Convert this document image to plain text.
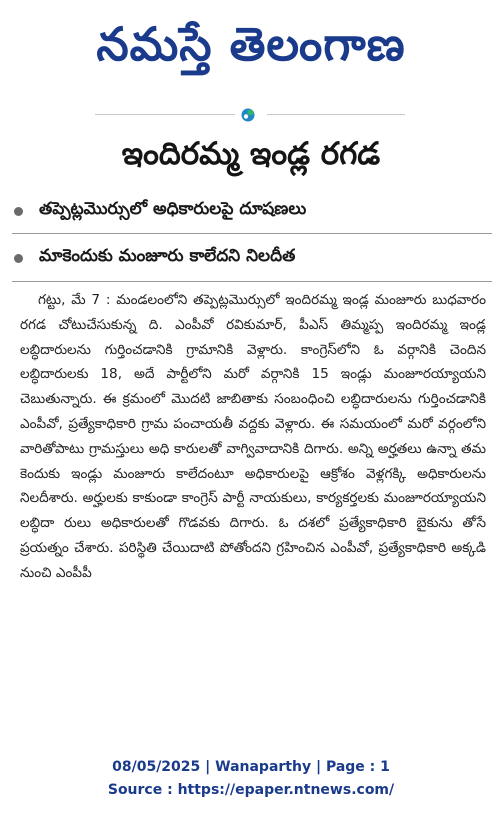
నమస్తే తెలంగాణ
ఇందిరమ్మ ఇండ్ల రగడ
తప్పెట్లమొర్సులో అధికారులపై దూషణలు
మాకెందుకు మంజూరు కాలేదని నిలదీత

గట్టు, మే 7 : మండలంలోని తప్పెట్లమొర్సులో ఇందిరమ్మ ఇండ్ల మంజూరు బుధవారం రగడ చోటుచేసుకున్న ది. ఎంపీవో రవికుమార్, పీఎస్ తిమ్మప్ప ఇందిరమ్మ ఇండ్ల లబ్ధిదారులను గుర్తించడానికి గ్రామానికి వెళ్లారు. కాంగ్రెస్‌లోని ఓ వర్గానికి చెందిన లబ్ధిదారులకు 18, అదే పార్టీలోని మరో వర్గానికి 15 ఇండ్లు మంజూరయ్యాయని చెబుతున్నారు. ఈ క్రమంలో మొదటి జాబితాకు సంబంధించి లబ్ధిదారులను గుర్తించడానికి ఎంపీవో, ప్రత్యేకాధికారి గ్రామ పంచాయతీ వద్దకు వెళ్లారు. ఈ సమయంలో మరో వర్గంలోని వారితోపాటు గ్రామస్తులు అధి కారులతో వాగ్వివాదానికి దిగారు. అన్ని అర్హతలు ఉన్నా తమ కెందుకు ఇండ్లు మంజూరు కాలేదంటూ అధికారులపై ఆక్రోశం వెళ్లగక్కి అధికారులను నిలదీశారు. అర్హులకు కాకుండా కాంగ్రెస్ పార్టీ నాయకులు, కార్యకర్తలకు మంజూరయ్యాయని లబ్ధిదా రులు అధికారులతో గొడవకు దిగారు. ఓ దశలో ప్రత్యేకాధికారి బైకును తోసే ప్రయత్నం చేశారు. పరిస్థితి చేయిదాటి పోతోందని గ్రహించిన ఎంపీవో, ప్రత్యేకాధికారి అక్కడి నుంచి ఎంపీపీ

08/05/2025 | Wanaparthy | Page : 1
Source : https://epaper.ntnews.com/
